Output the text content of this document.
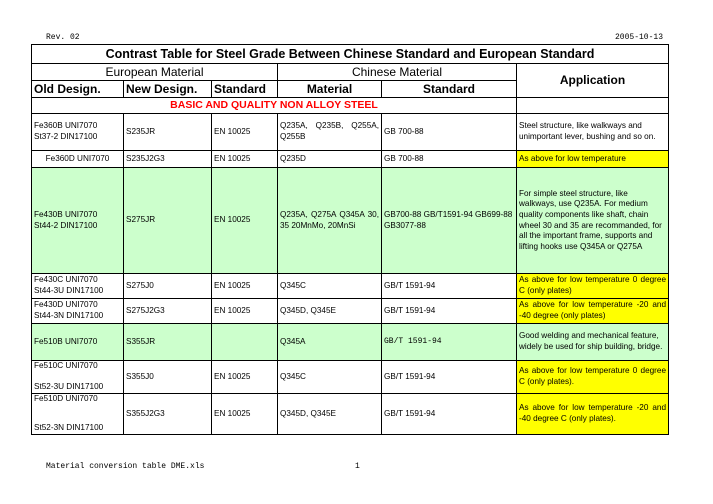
Rev. 02	2005-10-13
Contrast Table for Steel Grade Between Chinese Standard and European Standard					
European Material			Chinese Material		Application
Old Design.	New Design.	Standard	Material	Standard	
BASIC AND QUALITY NON ALLOY STEEL					

Fe360B UNI7070
St37-2 DIN17100	S235JR	EN 10025	Q235A, Q235B, Q255A, Q255B	GB 700-88	Steel structure, like walkways and unimportant lever, bushing and so on.
Fe360D UNI7070	S235J2G3	EN 10025	Q235D	GB 700-88	As above for low temperature

Fe430B UNI7070
St44-2 DIN17100	S275JR	EN 10025	Q235A, Q275A Q345A 30, 35 20MnMo, 20MnSi	GB700-88 GB/T1591-94 GB699-88 GB3077-88	For simple steel structure, like walkways, use Q235A. For medium quality components like shaft, chain wheel 30 and 35 are recommanded, for all the important frame, supports and lifting hooks use Q345A or Q275A

Fe430C UNI7070
St44-3U DIN17100	S275J0	EN 10025	Q345C	GB/T 1591-94	As above for low temperature 0 degree C (only plates)

Fe430D UNI7070
St44-3N DIN17100	S275J2G3	EN 10025	Q345D, Q345E	GB/T 1591-94	As above for low temperature -20 and -40 degree (only plates)
Fe510B UNI7070	S355JR		Q345A	GB/T 1591-94	Good welding and mechanical feature, widely be used for ship building, bridge.

Fe510C UNI7070
St52-3U DIN17100	S355J0	EN 10025	Q345C	GB/T 1591-94	As above for low temperature 0 degree C (only plates).

Fe510D UNI7070
St52-3N DIN17100	S355J2G3	EN 10025	Q345D, Q345E	GB/T 1591-94	As above for low temperature -20 and -40 degree C (only plates).
Material conversion table DME.xls	1
